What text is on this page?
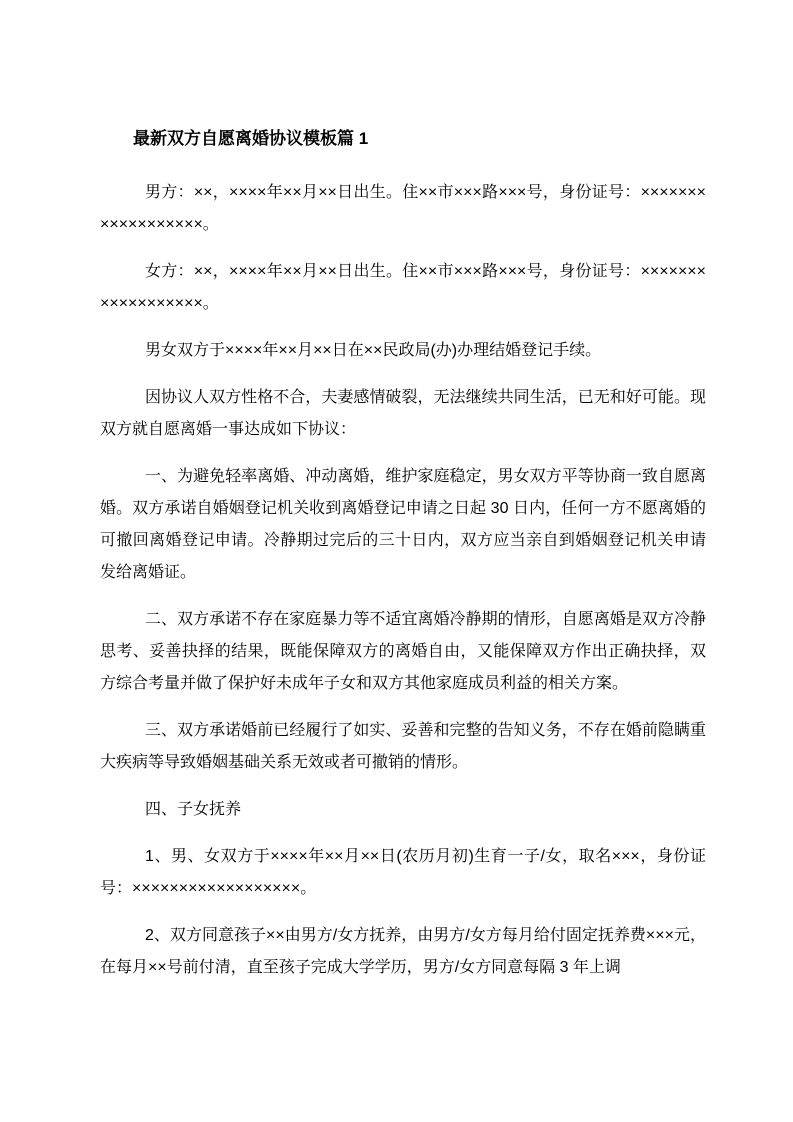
最新双方自愿离婚协议模板篇 1

男方：××，××××年××月××日出生。住××市×××路×××号，身份证号：××××××××××××××××××。

女方：××，××××年××月××日出生。住××市×××路×××号，身份证号：××××××××××××××××××。

男女双方于××××年××月××日在××民政局(办)办理结婚登记手续。

因协议人双方性格不合，夫妻感情破裂，无法继续共同生活，已无和好可能。现双方就自愿离婚一事达成如下协议：

一、为避免轻率离婚、冲动离婚，维护家庭稳定，男女双方平等协商一致自愿离婚。双方承诺自婚姻登记机关收到离婚登记申请之日起 30 日内，任何一方不愿离婚的可撤回离婚登记申请。冷静期过完后的三十日内，双方应当亲自到婚姻登记机关申请发给离婚证。

二、双方承诺不存在家庭暴力等不适宜离婚冷静期的情形，自愿离婚是双方冷静思考、妥善抉择的结果，既能保障双方的离婚自由，又能保障双方作出正确抉择，双方综合考量并做了保护好未成年子女和双方其他家庭成员利益的相关方案。

三、双方承诺婚前已经履行了如实、妥善和完整的告知义务，不存在婚前隐瞒重大疾病等导致婚姻基础关系无效或者可撤销的情形。

四、子女抚养

1、男、女双方于××××年××月××日(农历月初)生育一子/女，取名×××，身份证号：××××××××××××××××××。

2、双方同意孩子××由男方/女方抚养，由男方/女方每月给付固定抚养费×××元，在每月××号前付清，直至孩子完成大学学历，男方/女方同意每隔 3 年上调
